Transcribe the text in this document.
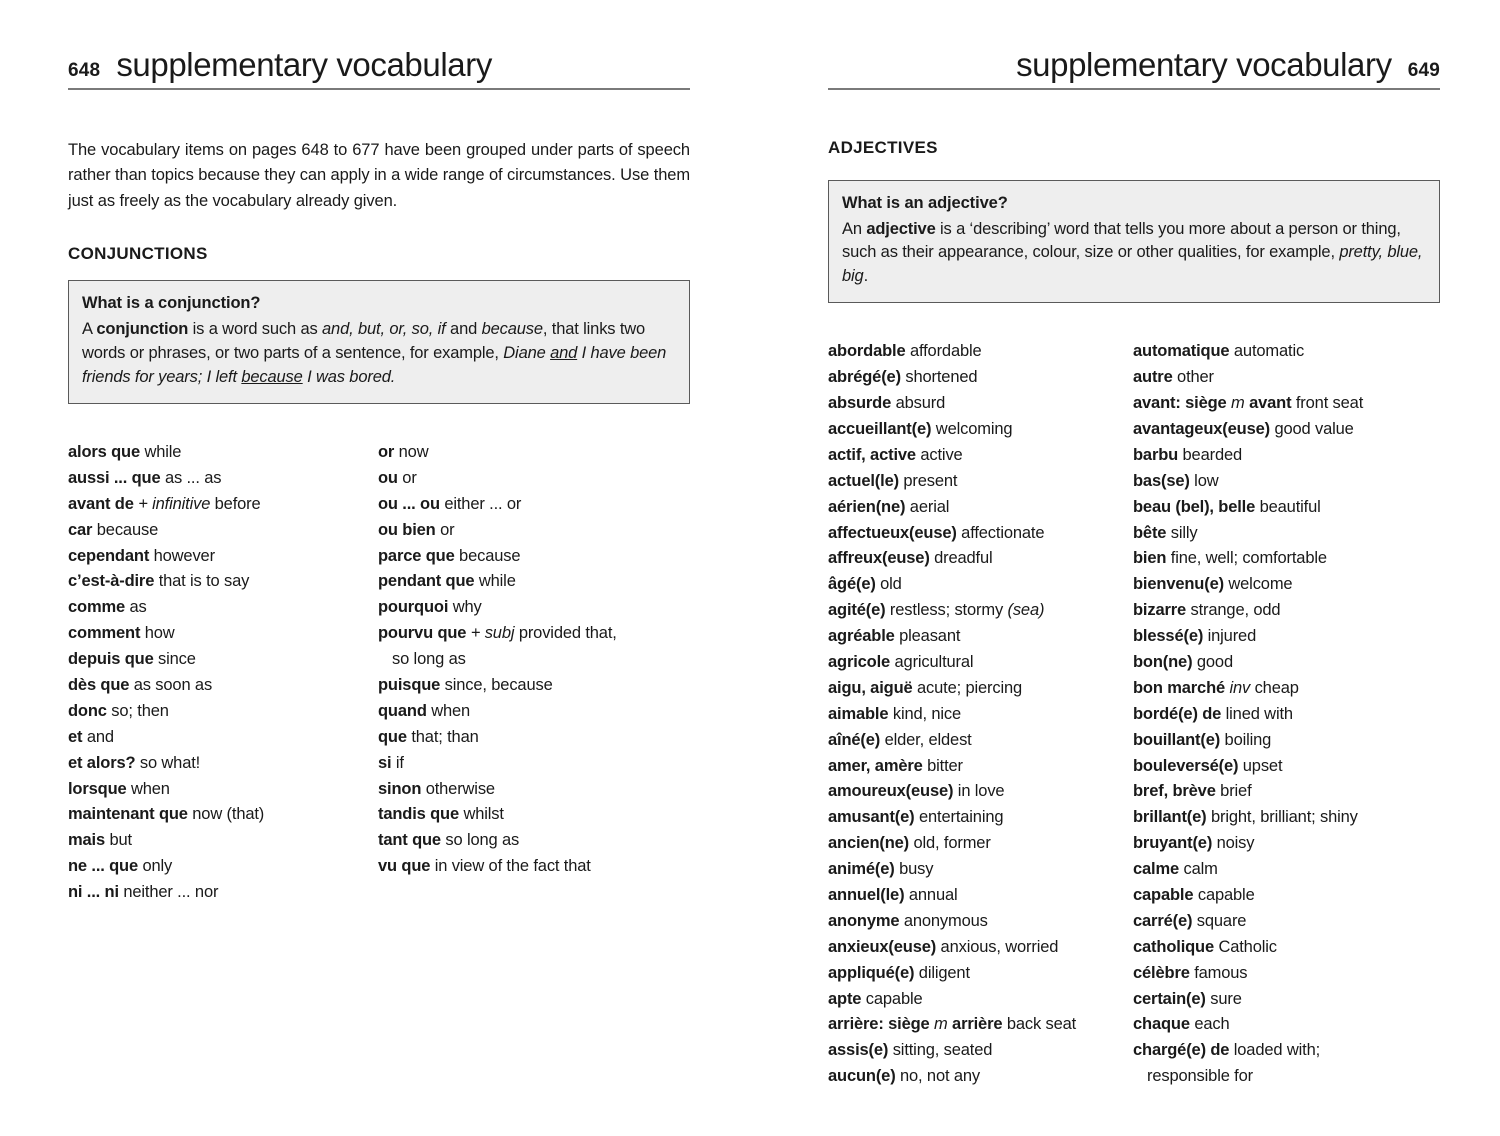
648 supplementary vocabulary

The vocabulary items on pages 648 to 677 have been grouped under parts of speech rather than topics because they can apply in a wide range of circumstances. Use them just as freely as the vocabulary already given.

CONJUNCTIONS
What is a conjunction?
A conjunction is a word such as and, but, or, so, if and because, that links two words or phrases, or two parts of a sentence, for example, Diane and I have been friends for years; I left because I was bored.
alors que while
aussi ... que as ... as
avant de + infinitive before
car because
cependant however
c’est-à-dire that is to say
comme as
comment how
depuis que since
dès que as soon as
donc so; then
et and
et alors? so what!
lorsque when
maintenant que now (that)
mais but
ne ... que only
ni ... ni neither ... nor
or now
ou or
ou ... ou either ... or
ou bien or
parce que because
pendant que while
pourquoi why
pourvu que + subj provided that,
so long as
puisque since, because
quand when
que that; than
si if
sinon otherwise
tandis que whilst
tant que so long as
vu que in view of the fact that
supplementary vocabulary 649
ADJECTIVES
What is an adjective?
An adjective is a ‘describing’ word that tells you more about a person or thing, such as their appearance, colour, size or other qualities, for example, pretty, blue, big.
abordable affordable
abrégé(e) shortened
absurde absurd
accueillant(e) welcoming
actif, active active
actuel(le) present
aérien(ne) aerial
affectueux(euse) affectionate
affreux(euse) dreadful
âgé(e) old
agité(e) restless; stormy (sea)
agréable pleasant
agricole agricultural
aigu, aiguë acute; piercing
aimable kind, nice
aîné(e) elder, eldest
amer, amère bitter
amoureux(euse) in love
amusant(e) entertaining
ancien(ne) old, former
animé(e) busy
annuel(le) annual
anonyme anonymous
anxieux(euse) anxious, worried
appliqué(e) diligent
apte capable
arrière: siège m arrière back seat
assis(e) sitting, seated
aucun(e) no, not any
automatique automatic
autre other
avant: siège m avant front seat
avantageux(euse) good value
barbu bearded
bas(se) low
beau (bel), belle beautiful
bête silly
bien fine, well; comfortable
bienvenu(e) welcome
bizarre strange, odd
blessé(e) injured
bon(ne) good
bon marché inv cheap
bordé(e) de lined with
bouillant(e) boiling
bouleversé(e) upset
bref, brève brief
brillant(e) bright, brilliant; shiny
bruyant(e) noisy
calme calm
capable capable
carré(e) square
catholique Catholic
célèbre famous
certain(e) sure
chaque each
chargé(e) de loaded with;
responsible for
